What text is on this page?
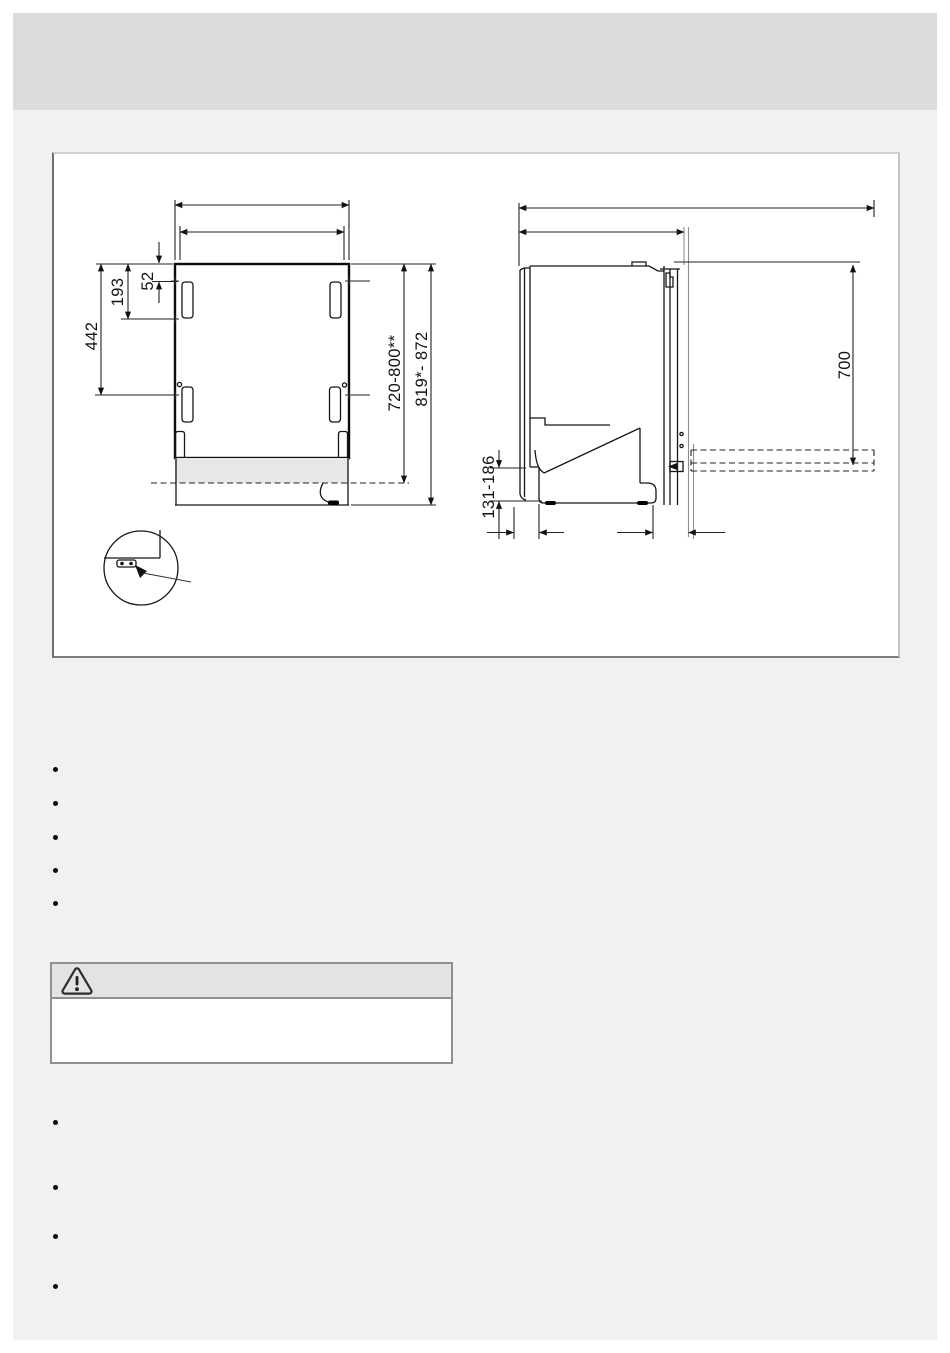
52
193
442	720-800** 819*- 872	700
131-186
